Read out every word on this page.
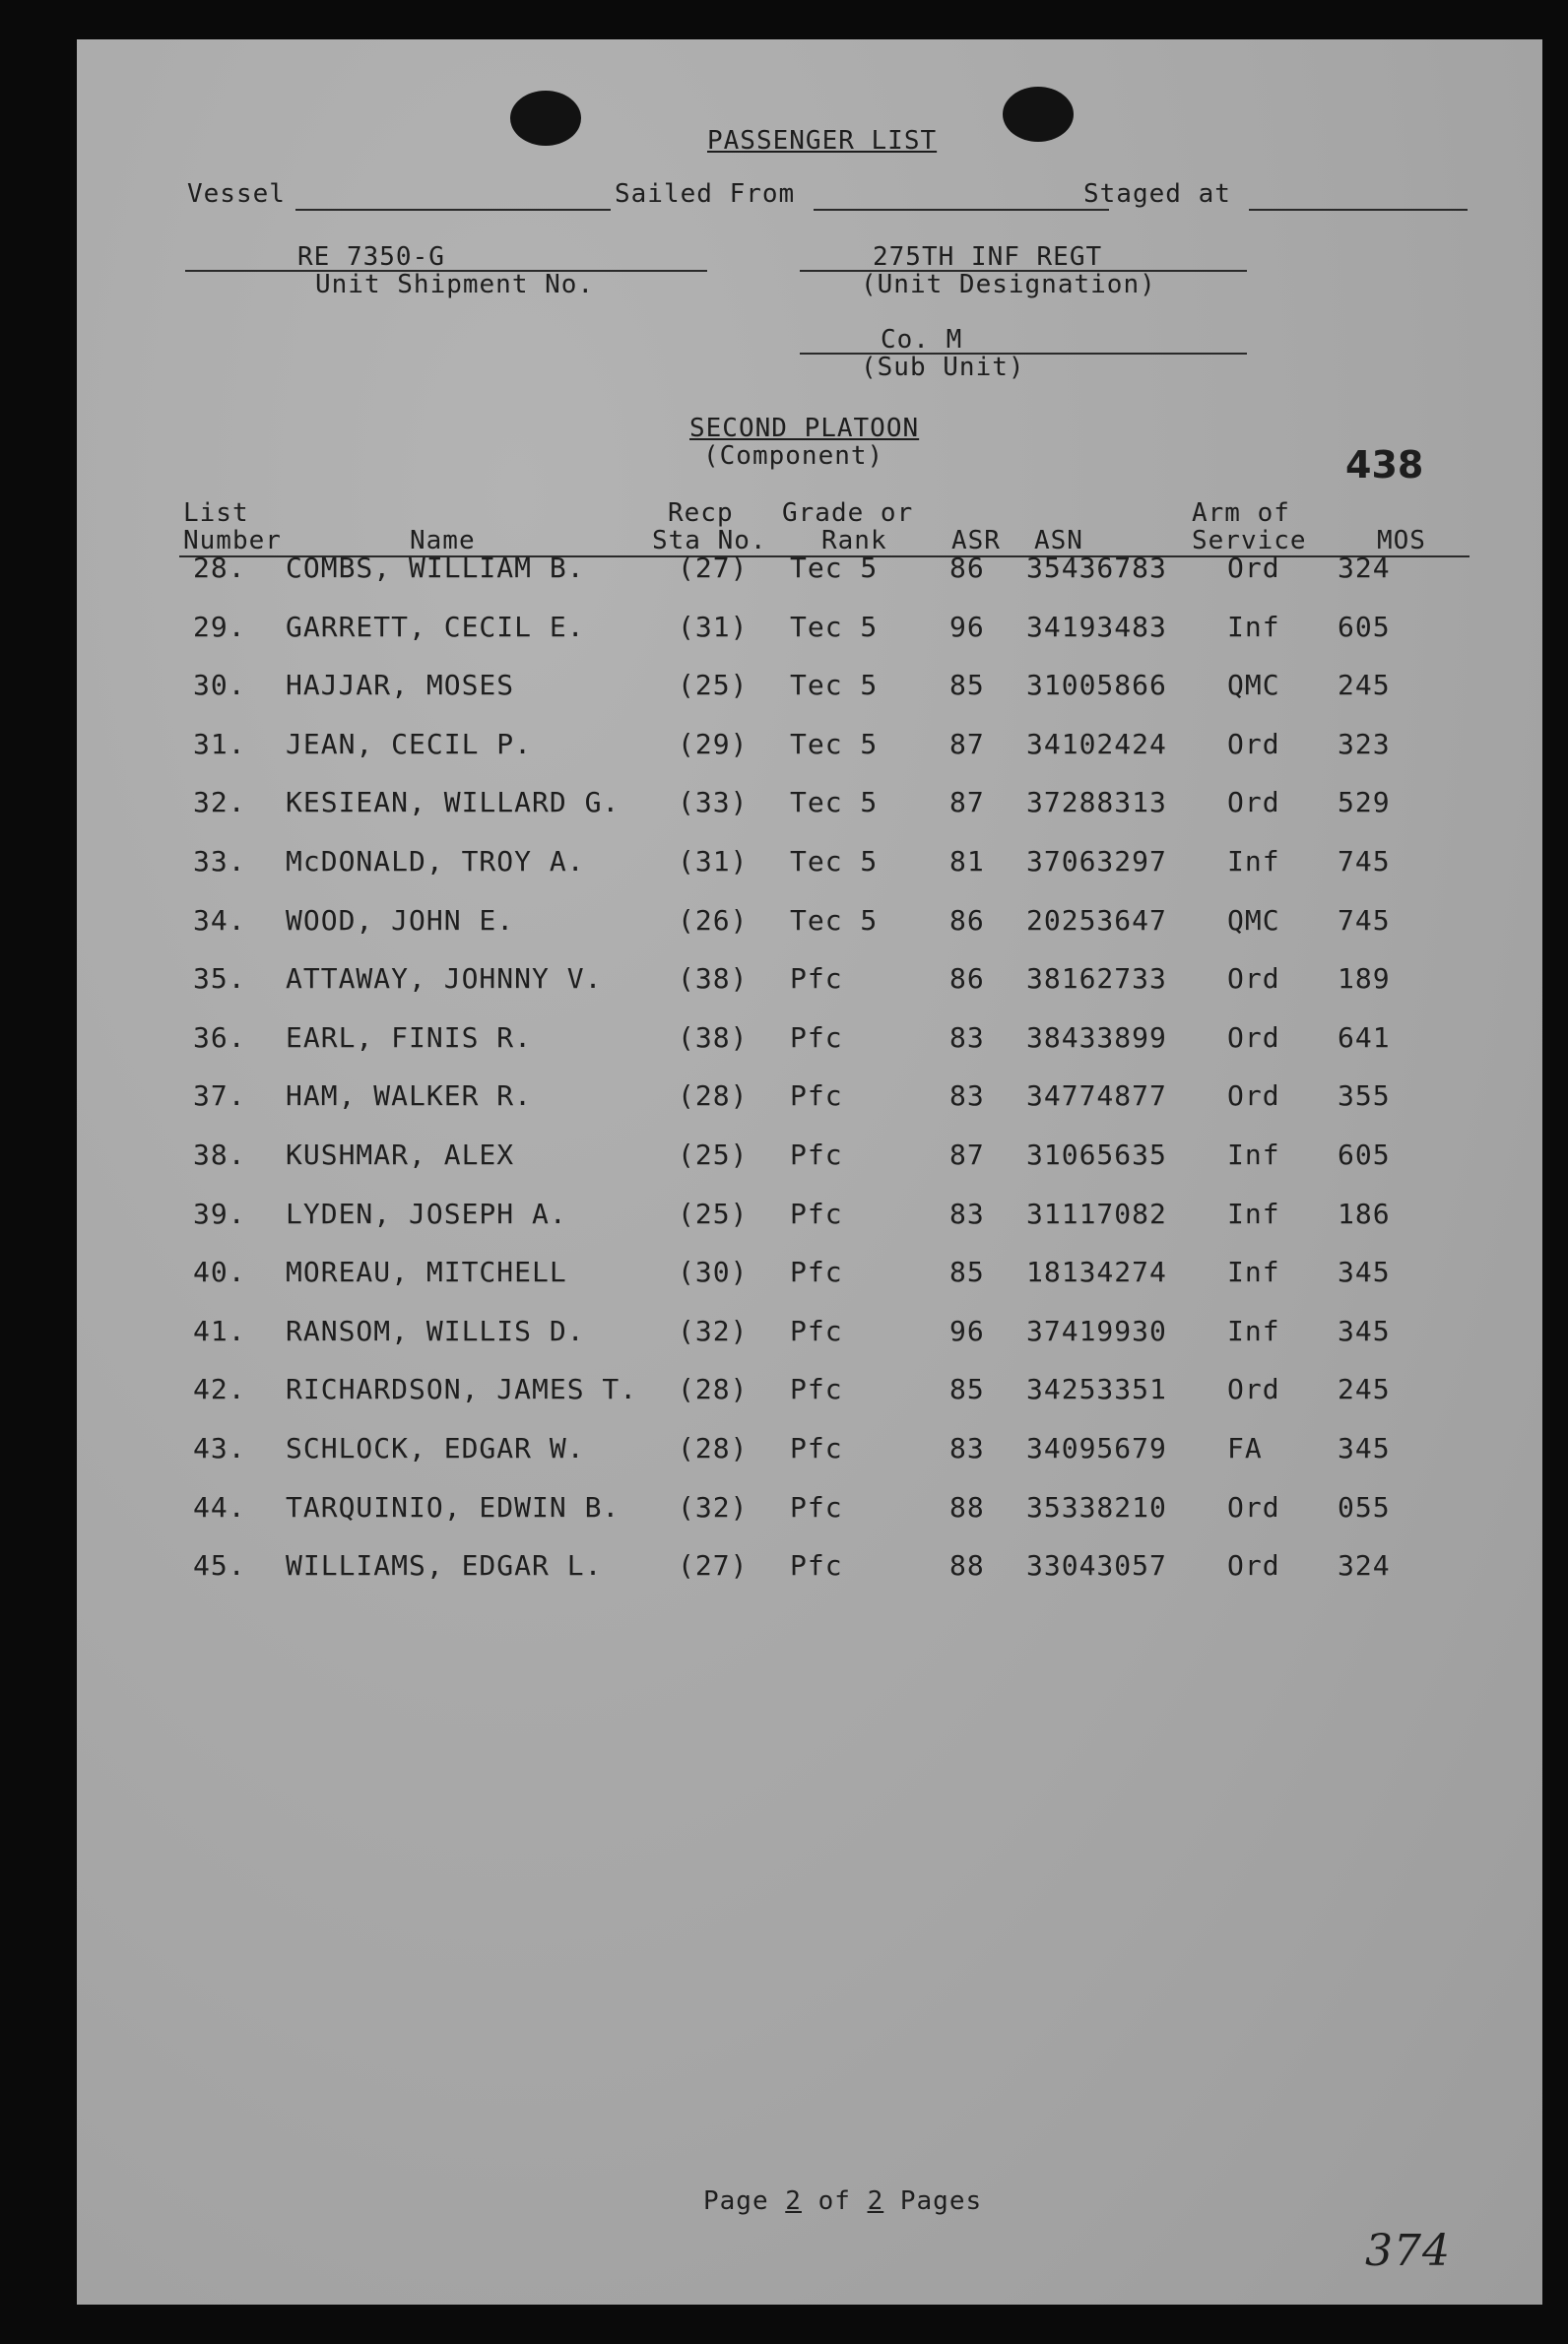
PASSENGER LIST
Vessel	Sailed From	Staged at
RE 7350-G
Unit Shipment No.
275TH INF REGT
(Unit Designation)
Co. M
(Sub Unit)
SECOND PLATOON
(Component)	438
List
Number	Name
Recp
Sta No.
Grade or
Rank	ASR ASN
Arm of
Service	MOS
28. COMBS, WILLIAM B.	(27) Tec 5	86 35436783 Ord 324
29. GARRETT, CECIL E.	(31) Tec 5	96 34193483 Inf 605
30. HAJJAR, MOSES	(25) Tec 5	85 31005866 QMC 245
31. JEAN, CECIL P.	(29) Tec 5	87 34102424 Ord 323
32. KESIEAN, WILLARD G. (33) Tec 5	87 37288313 Ord 529
33. McDONALD, TROY A.	(31) Tec 5	81 37063297 Inf 745
34. WOOD, JOHN E.	(26) Tec 5	86 20253647 QMC 745
35. ATTAWAY, JOHNNY V.	(38) Pfc	86 38162733 Ord 189
36. EARL, FINIS R.	(38) Pfc	83 38433899 Ord 641
37. HAM, WALKER R.	(28) Pfc	83 34774877 Ord 355
38. KUSHMAR, ALEX	(25) Pfc	87 31065635 Inf 605
39. LYDEN, JOSEPH A.	(25) Pfc	83 31117082 Inf 186
40. MOREAU, MITCHELL	(30) Pfc	85 18134274 Inf 345
41. RANSOM, WILLIS D.	(32) Pfc	96 37419930 Inf 345
42. RICHARDSON, JAMES T. (28) Pfc	85 34253351 Ord 245
43. SCHLOCK, EDGAR W.	(28) Pfc	83 34095679 FA	345
44. TARQUINIO, EDWIN B. (32) Pfc	88 35338210 Ord 055
45. WILLIAMS, EDGAR L.	(27) Pfc	88 33043057 Ord 324
Page 2 of 2 Pages
374
